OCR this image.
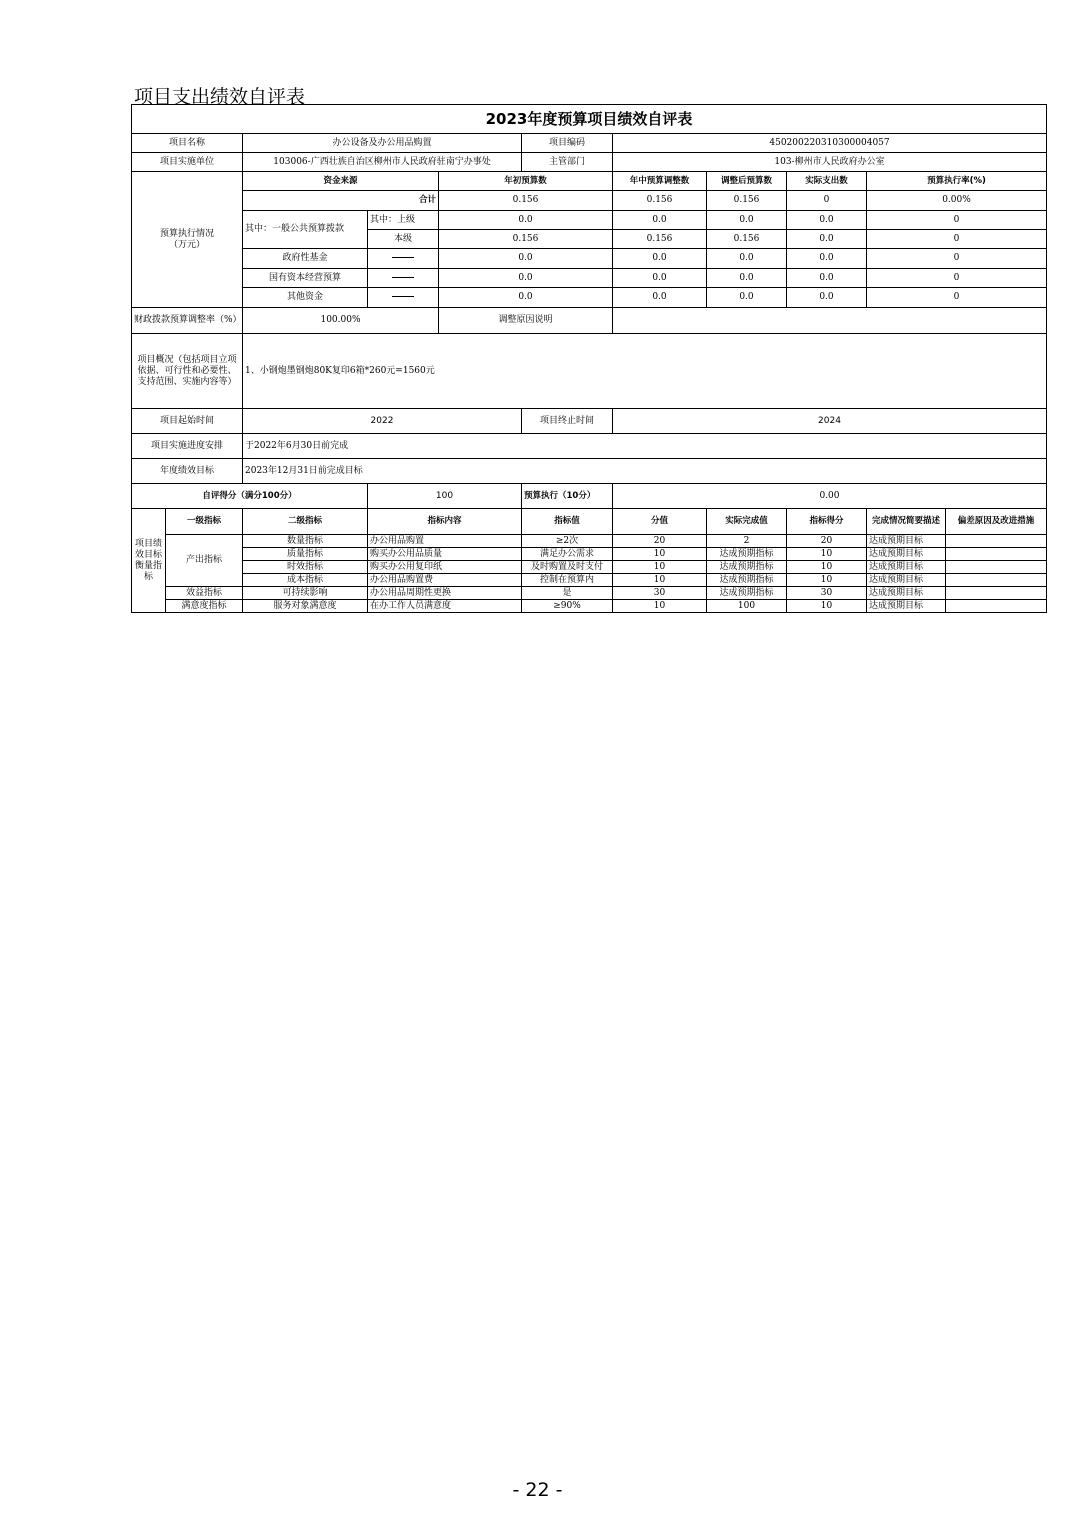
项目支出绩效自评表
2023年度预算项目绩效自评表										
项目名称		办公设备及办公用品购置			项目编码	450200220310300004057				
项目实施单位		103006-广西壮族自治区柳州市人民政府驻南宁办事处			主管部门	103-柳州市人民政府办公室				
预算执行情况
（万元）		资金来源		年初预算数		年中预算调整数	调整后预算数	实际支出数	预算执行率(%)	
		合计		0.156		0.156	0.156	0	0.00%	
		其中：一般公共预算拨款	其中：上级	0.0		0.0	0.0	0.0	0	
			本级	0.156		0.156	0.156	0.0	0	
		政府性基金		0.0		0.0	0.0	0.0	0	
		国有资本经营预算		0.0		0.0	0.0	0.0	0	
		其他资金		0.0		0.0	0.0	0.0	0	
财政拨款预算调整率（%）		100.00%		调整原因说明						
项目概况（包括项目立项依据、可行性和必要性、支持范围、实施内容等）		1、小钢炮墨钢炮80K复印6箱*260元=1560元								
项目起始时间		2022			项目终止时间	2024				
项目实施进度安排		于2022年6月30日前完成								
年度绩效目标		2023年12月31日前完成目标								
自评得分（满分100分）			100		预算执行（10分）	0.00				
项目绩效目标衡量指标	一级指标	二级指标	指标内容		指标值	分值	实际完成值	指标得分	完成情况简要描述	偏差原因及改进措施
	产出指标	数量指标	办公用品购置		≥2次	20	2	20	达成预期目标	
		质量指标	购买办公用品质量		满足办公需求	10	达成预期指标	10	达成预期目标	
		时效指标	购买办公用复印纸		及时购置及时支付	10	达成预期指标	10	达成预期目标	
		成本指标	办公用品购置费		控制在预算内	10	达成预期指标	10	达成预期目标	
	效益指标	可持续影响	办公用品周期性更换		是	30	达成预期指标	30	达成预期目标	
	满意度指标	服务对象满意度	在办工作人员满意度		≥90%	10	100	10	达成预期目标	
- 22 -
